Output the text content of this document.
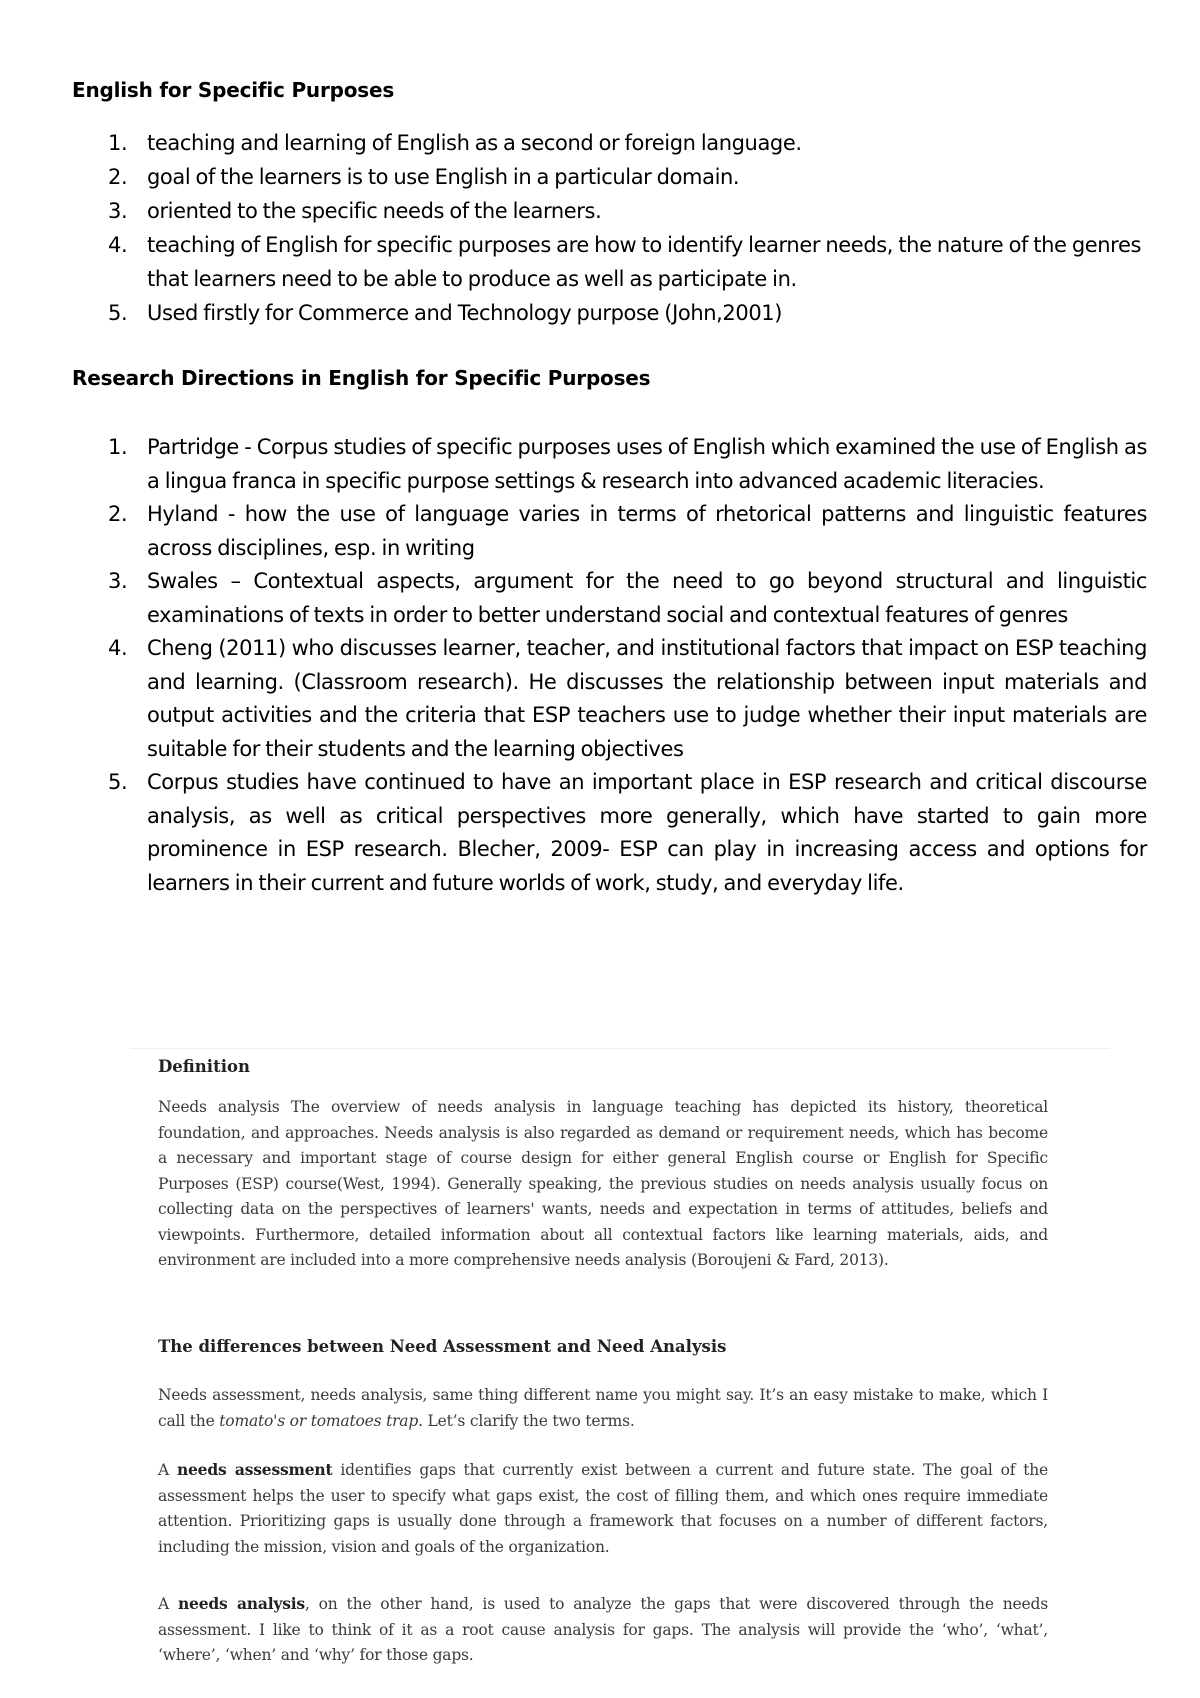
English for Specific Purposes
1. teaching and learning of English as a second or foreign language.
2. goal of the learners is to use English in a particular domain.
3. oriented to the specific needs of the learners.
4. teaching of English for specific purposes are how to identify learner needs, the nature of the genres that learners need to be able to produce as well as participate in.
5. Used firstly for Commerce and Technology purpose (John,2001)
Research Directions in English for Specific Purposes
1. Partridge - Corpus studies of specific purposes uses of English which examined the use of English as a lingua franca in specific purpose settings & research into advanced academic literacies.
2. Hyland - how the use of language varies in terms of rhetorical patterns and linguistic features across disciplines, esp. in writing
3. Swales – Contextual aspects, argument for the need to go beyond structural and linguistic examinations of texts in order to better understand social and contextual features of genres
4. Cheng (2011) who discusses learner, teacher, and institutional factors that impact on ESP teaching and learning. (Classroom research). He discusses the relationship between input materials and output activities and the criteria that ESP teachers use to judge whether their input materials are suitable for their students and the learning objectives
5. Corpus studies have continued to have an important place in ESP research and critical discourse analysis, as well as critical perspectives more generally, which have started to gain more prominence in ESP research. Blecher, 2009- ESP can play in increasing access and options for learners in their current and future worlds of work, study, and everyday life.

Definition

Needs analysis The overview of needs analysis in language teaching has depicted its history, theoretical foundation, and approaches. Needs analysis is also regarded as demand or requirement needs, which has become a necessary and important stage of course design for either general English course or English for Specific Purposes (ESP) course(West, 1994). Generally speaking, the previous studies on needs analysis usually focus on collecting data on the perspectives of learners' wants, needs and expectation in terms of attitudes, beliefs and viewpoints. Furthermore, detailed information about all contextual factors like learning materials, aids, and environment are included into a more comprehensive needs analysis (Boroujeni & Fard, 2013).

The differences between Need Assessment and Need Analysis

Needs assessment, needs analysis, same thing different name you might say. It’s an easy mistake to make, which I call the tomato's or tomatoes trap. Let’s clarify the two terms.

A needs assessment identifies gaps that currently exist between a current and future state. The goal of the assessment helps the user to specify what gaps exist, the cost of filling them, and which ones require immediate attention. Prioritizing gaps is usually done through a framework that focuses on a number of different factors, including the mission, vision and goals of the organization.

A needs analysis, on the other hand, is used to analyze the gaps that were discovered through the needs assessment. I like to think of it as a root cause analysis for gaps. The analysis will provide the ‘who’, ‘what’, ‘where’, ‘when’ and ‘why’ for those gaps.
